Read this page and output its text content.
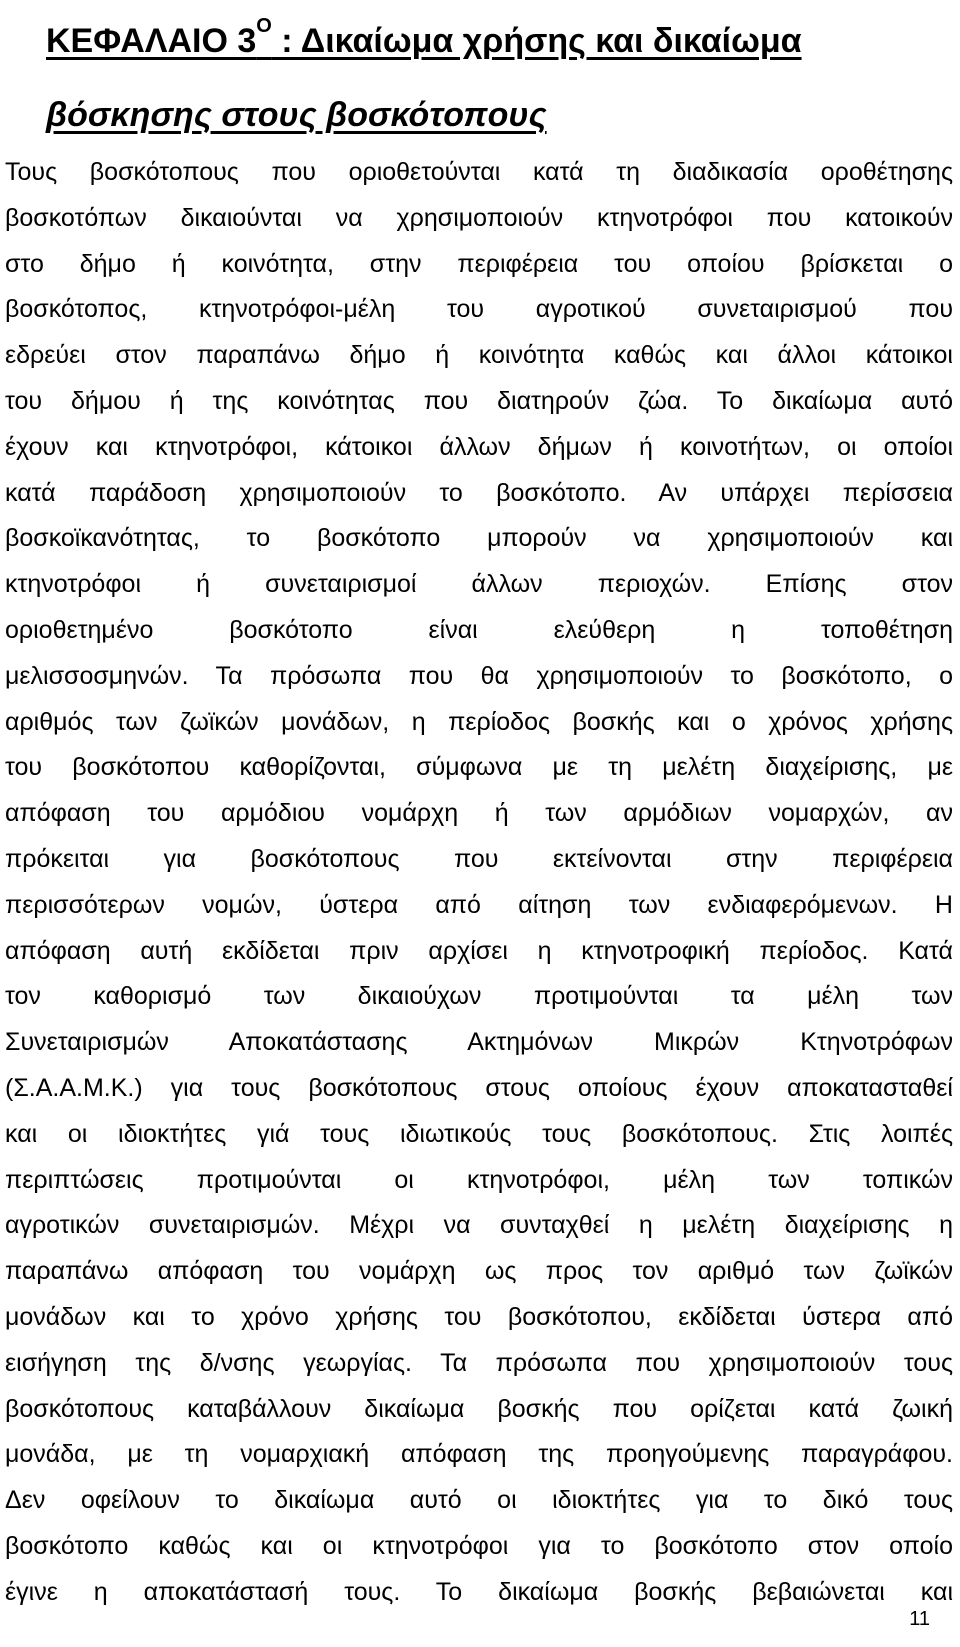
ΚΕΦΑΛΑΙΟ $3^O$ : Δικαίωμα χρήσης και δικαίωμα
βόσκησης στους βοσκότοπους
Τους βοσκότοπους που οριοθετούνται κατά τη διαδικασία οροθέτησης
βοσκοτόπων δικαιούνται να χρησιμοποιούν κτηνοτρόφοι που κατοικούν
στο δήμο ή κοινότητα, στην περιφέρεια του οποίου βρίσκεται ο
βοσκότοπος, κτηνοτρόφοι-μέλη του αγροτικού συνεταιρισμού που
εδρεύει στον παραπάνω δήμο ή κοινότητα καθώς και άλλοι κάτοικοι
του δήμου ή της κοινότητας που διατηρούν ζώα. Το δικαίωμα αυτό
έχουν και κτηνοτρόφοι, κάτοικοι άλλων δήμων ή κοινοτήτων, οι οποίοι
κατά παράδοση χρησιμοποιούν το βοσκότοπο. Αν υπάρχει περίσσεια
βοσκοϊκανότητας, το βοσκότοπο μπορούν να χρησιμοποιούν και
κτηνοτρόφοι ή συνεταιρισμοί άλλων περιοχών. Επίσης στον
οριοθετημένο βοσκότοπο είναι ελεύθερη η τοποθέτηση
μελισσοσμηνών. Τα πρόσωπα που θα χρησιμοποιούν το βοσκότοπο, ο
αριθμός των ζωϊκών μονάδων, η περίοδος βοσκής και ο χρόνος χρήσης
του βοσκότοπου καθορίζονται, σύμφωνα με τη μελέτη διαχείρισης, με
απόφαση του αρμόδιου νομάρχη ή των αρμόδιων νομαρχών, αν
πρόκειται για βοσκότοπους που εκτείνονται στην περιφέρεια
περισσότερων νομών, ύστερα από αίτηση των ενδιαφερόμενων. Η
απόφαση αυτή εκδίδεται πριν αρχίσει η κτηνοτροφική περίοδος. Κατά
τον καθορισμό των δικαιούχων προτιμούνται τα μέλη των
Συνεταιρισμών Αποκατάστασης Ακτημόνων Μικρών Κτηνοτρόφων
(Σ.Α.Α.Μ.Κ.) για τους βοσκότοπους στους οποίους έχουν αποκατασταθεί
και οι ιδιοκτήτες γιά τους ιδιωτικούς τους βοσκότοπους. Στις λοιπές
περιπτώσεις προτιμούνται οι κτηνοτρόφοι, μέλη των τοπικών
αγροτικών συνεταιρισμών. Μέχρι να συνταχθεί η μελέτη διαχείρισης η
παραπάνω απόφαση του νομάρχη ως προς τον αριθμό των ζωϊκών
μονάδων και το χρόνο χρήσης του βοσκότοπου, εκδίδεται ύστερα από
εισήγηση της δ/νσης γεωργίας. Τα πρόσωπα που χρησιμοποιούν τους
βοσκότοπους καταβάλλουν δικαίωμα βοσκής που ορίζεται κατά ζωική
μονάδα, με τη νομαρχιακή απόφαση της προηγούμενης παραγράφου.
Δεν οφείλουν το δικαίωμα αυτό οι ιδιοκτήτες για το δικό τους
βοσκότοπο καθώς και οι κτηνοτρόφοι για το βοσκότοπο στον οποίο
έγινε η αποκατάστασή τους. Το δικαίωμα βοσκής βεβαιώνεται και
11
